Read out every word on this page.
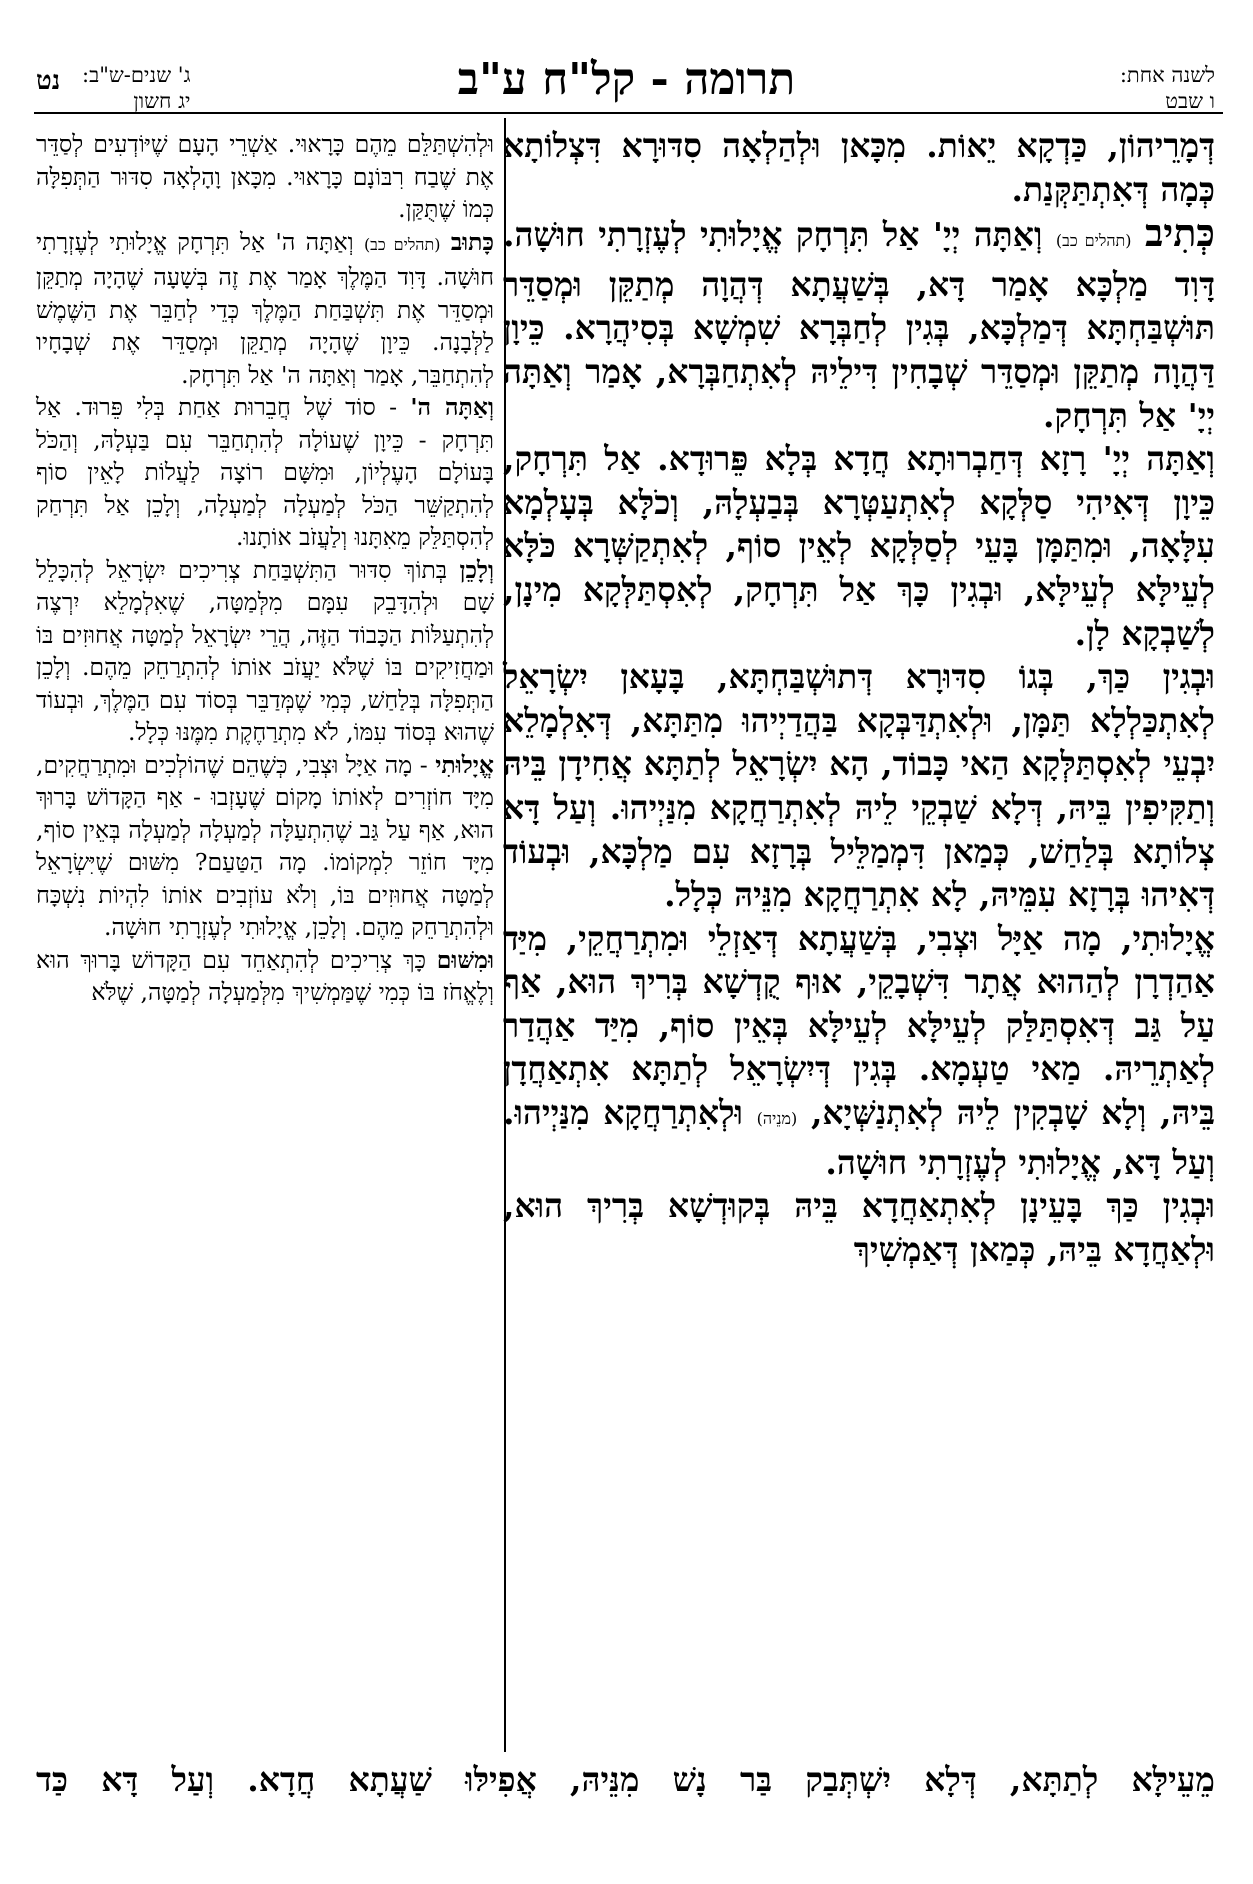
לשנה אחת:
ו שבט
תרומה - קל"ח ע"ב
ג' שנים-ש"ב:
יג חשון
נט

דְּמָרֵיהוֹן, כַּדְקָא יֵאוֹת. מִכָּאן וּלְהַלְאָה סִדּוּרָא דִּצְלוֹתָא כְּמָה דְּאִתְתַּקְּנַת.

כְּתִיב (תהלים כב) וְאַתָּה יְיָ' אַל תִּרְחָק אֱיָלוּתִי לְעֶזְרָתִי חוּשָׁה. דָּוִד מַלְכָּא אָמַר דָּא, בְּשַׁעֲתָא דְּהֲוָה מְתַקֵּן וּמְסַדֵּר תּוּשְׁבַּחְתָּא דְּמַלְכָּא, בְּגִין לְחַבְּרָא שִׁמְשָׁא בְּסִיהֲרָא. כֵּיוָן דַּהֲוָה מְתַקֵּן וּמְסַדֵּר שְׁבָחִין דִּילֵיהּ לְאִתְחַבְּרָא, אָמַר וְאַתָּה יְיָ' אַל תִּרְחָק.

וְאַתָּה יְיָ' רָזָא דְּחַבְרוּתָא חֲדָא בְּלָא פֵּרוּדָא. אַל תִּרְחָק, כֵּיוָן דְּאִיהִי סַלְּקָא לְאִתְעַטְּרָא בְּבַעְלָהּ, וְכֹלָּא בְּעָלְמָא עִלָּאָה, וּמִתַּמָּן בָּעֵי לְסַלְּקָא לְאֵין סוֹף, לְאִתְקַשְּׁרָא כֹּלָּא לְעֵילָּא לְעֵילָּא, וּבְגִין כָּךְ אַל תִּרְחָק, לְאִסְתַּלְּקָא מִינָן, לְשַׁבְקָא לָן.

וּבְגִין כַּךְ, בְּגוֹ סִדּוּרָא דְּתוּשְׁבַּחְתָּא, בָּעָאן יִשְׂרָאֵל לְאִתְכַּלְלָא תַּמָּן, וּלְאִתְדַּבְּקָא בַּהֲדַיְיהוּ מִתַּתָּא, דְּאִלְמָלֵא יִבְעֵי לְאִסְתַּלְּקָא הַאי כָּבוֹד, הָא יִשְׂרָאֵל לְתַתָּא אֲחִידָן בֵּיהּ וְתַקִּיפִין בֵּיהּ, דְּלָא שַׁבְקֵי לֵיהּ לְאִתְרַחֲקָא מִנַּיְיהוּ. וְעַל דָּא צְלוֹתָא בְּלַחַשׁ, כְּמַאן דִּמְמַלֵּיל בְּרָזָא עִם מַלְכָּא, וּבְעוֹד דְּאִיהוּ בְּרָזָא עִמֵּיהּ, לָא אִתְרַחֲקָא מִנֵּיהּ כְּלָל.

אֱיָלוּתִי, מָה אַיָּל וּצְבִי, בְּשַׁעֲתָא דְּאַזְלֵי וּמִתְרַחֲקֵי, מִיַּד אַהַדְרָן לְהַהוּא אֲתָר דִּשְׁבָקֵי, אוּף קֻדְשָׁא בְּרִיךְ הוּא, אַף עַל גַּב דְּאִסְתַּלַּק לְעֵילָּא לְעֵילָּא בְּאֵין סוֹף, מִיַּד אַהֲדַר לְאַתְרֵיהּ. מַאי טַעְמָא. בְּגִין דְּיִשְׂרָאֵל לְתַתָּא אִתְאַחֲדָן בֵּיהּ, וְלָא שָׁבְקִין לֵיהּ לְאִתְנַשְּׁיָא, (מנֵיה) וּלְאִתְרַחֲקָא מִנַּיְיהוּ. וְעַל דָּא, אֱיָלוּתִי לְעֶזְרָתִי חוּשָׁה.

וּבְגִין כַּךְ בָּעֵינָן לְאִתְאַחֲדָא בֵּיהּ בְּקוּדְשָׁא בְּרִיךְ הוּא, וּלְאַחֲדָא בֵּיהּ, כְּמַאן דְּאַמְשִׁיךְ

וּלְהִשְׁתַּלֵּם מֵהֶם כָּרָאוּי. אַשְׁרֵי הָעָם שֶׁיּוֹדְעִים לְסַדֵּר אֶת שֶׁבַח רִבּוֹנָם כָּרָאוּי. מִכָּאן וָהָלְאָה סִדּוּר הַתְּפִלָּה כְּמוֹ שֶׁתֻּקַּן.

כָּתוּב (תהלים כב) וְאַתָּה ה' אַל תִּרְחָק אֱיָלוּתִי לְעֶזְרָתִי חוּשָׁה. דָּוִד הַמֶּלֶךְ אָמַר אֶת זֶה בְּשָׁעָה שֶׁהָיָה מְתַקֵּן וּמְסַדֵּר אֶת תִּשְׁבַּחַת הַמֶּלֶךְ כְּדֵי לְחַבֵּר אֶת הַשֶּׁמֶשׁ לַלְּבָנָה. כֵּיוָן שֶׁהָיָה מְתַקֵּן וּמְסַדֵּר אֶת שְׁבָחָיו לְהִתְחַבֵּר, אָמַר וְאַתָּה ה' אַל תִּרְחָק.

וְאַתָּה ה' - סוֹד שֶׁל חֲבֵרוּת אַחַת בְּלִי פֵּרוּד. אַל תִּרְחָק - כֵּיוָן שֶׁעוֹלָה לְהִתְחַבֵּר עִם בַּעְלָהּ, וְהַכֹּל בָּעוֹלָם הָעֶלְיוֹן, וּמִשָּׁם רוֹצָה לַעֲלוֹת לָאֵין סוֹף לְהִתְקַשֵּׁר הַכֹּל לְמַעְלָה לְמַעְלָה, וְלָכֵן אַל תִּרְחַק לְהִסְתַּלֵּק מֵאִתָּנוּ וְלַעֲזֹב אוֹתָנוּ.

וְלָכֵן בְּתוֹךְ סִדּוּר הַתִּשְׁבַּחַת צְרִיכִים יִשְׂרָאֵל לְהִכָּלֵל שָׁם וּלְהִדָּבֵק עִמָּם מִלְּמַטָּה, שֶׁאִלְמָלֵא יִרְצֶה לְהִתְעַלּוֹת הַכָּבוֹד הַזֶּה, הֲרֵי יִשְׂרָאֵל לְמַטָּה אֲחוּזִים בּוֹ וּמַחֲזִיקִים בּוֹ שֶׁלֹּא יַעֲזֹב אוֹתוֹ לְהִתְרַחֵק מֵהֶם. וְלָכֵן הַתְּפִלָּה בְּלַחַשׁ, כְּמִי שֶׁמְּדַבֵּר בְּסוֹד עִם הַמֶּלֶךְ, וּבְעוֹד שֶׁהוּא בְּסוֹד עִמּוֹ, לֹא מִתְרַחֶקֶת מִמֶּנּוּ כְּלָל.

אֱיָלוּתִי - מָה אַיָּל וּצְבִי, כְּשֶׁהֵם שֶׁהוֹלְכִים וּמִתְרַחֲקִים, מִיָּד חוֹזְרִים לְאוֹתוֹ מָקוֹם שֶׁעָזְבוּ - אַף הַקָּדוֹשׁ בָּרוּךְ הוּא, אַף עַל גַּב שֶׁהִתְעַלָּה לְמַעְלָה לְמַעְלָה בְּאֵין סוֹף, מִיָּד חוֹזֵר לִמְקוֹמוֹ. מָה הַטַּעַם? מִשּׁוּם שֶׁיִּשְׂרָאֵל לְמַטָּה אֲחוּזִים בּוֹ, וְלֹא עוֹזְבִים אוֹתוֹ לִהְיוֹת נִשְׁכָּח וּלְהִתְרַחֵק מֵהֶם. וְלָכֵן, אֱיָלוּתִי לְעֶזְרָתִי חוּשָׁה.

וּמִשּׁוּם כָּךְ צְרִיכִים לְהִתְאַחֵד עִם הַקָּדוֹשׁ בָּרוּךְ הוּא וְלֶאֱחֹז בּוֹ כְּמִי שֶׁמַּמְשִׁיךְ מִלְּמַעְלָה לְמַטָּה, שֶׁלֹּא

מֵעֵילָּא לְתַתָּא, דְּלָא יִשְׁתְּבַק בַּר נָשׁ מִנֵּיהּ, אֲפִילּוּ שַׁעֲתָא חֲדָא. וְעַל דָּא כַּד
